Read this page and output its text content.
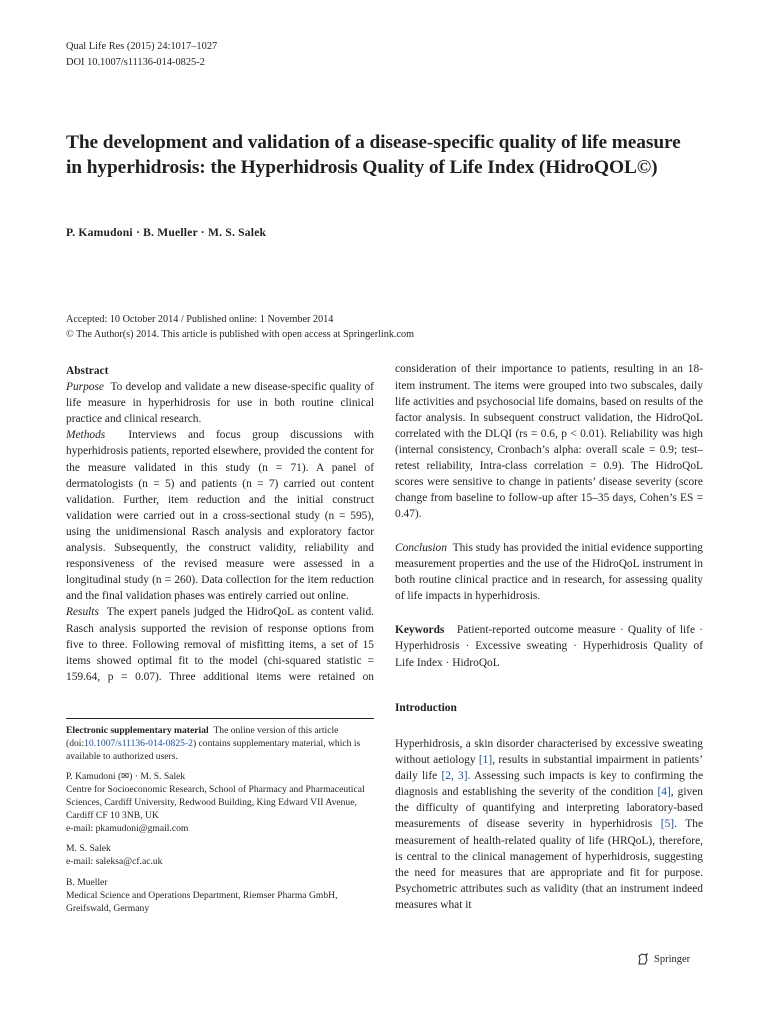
Qual Life Res (2015) 24:1017–1027
DOI 10.1007/s11136-014-0825-2
The development and validation of a disease-specific quality of life measure in hyperhidrosis: the Hyperhidrosis Quality of Life Index (HidroQOL©)
P. Kamudoni · B. Mueller · M. S. Salek
Accepted: 10 October 2014 / Published online: 1 November 2014
© The Author(s) 2014. This article is published with open access at Springerlink.com

Abstract

Purpose To develop and validate a new disease-specific quality of life measure in hyperhidrosis for use in both routine clinical practice and clinical research.

Methods Interviews and focus group discussions with hyperhidrosis patients, reported elsewhere, provided the content for the measure validated in this study (n = 71). A panel of dermatologists (n = 5) and patients (n = 7) carried out content validation. Further, item reduction and the initial construct validation were carried out in a cross-sectional study (n = 595), using the unidimensional Rasch analysis and exploratory factor analysis. Subsequently, the construct validity, reliability and responsiveness of the revised measure were assessed in a longitudinal study (n = 260). Data collection for the item reduction and the final validation phases was entirely carried out online.

Results The expert panels judged the HidroQoL as content valid. Rasch analysis supported the revision of response options from five to three. Following removal of misfitting items, a set of 15 items showed optimal fit to the model (chi-squared statistic = 159.64, p = 0.07). Three additional items were retained on

Electronic supplementary material The online version of this article (doi:10.1007/s11136-014-0825-2) contains supplementary material, which is available to authorized users.

P. Kamudoni (✉) · M. S. Salek
Centre for Socioeconomic Research, School of Pharmacy and Pharmaceutical Sciences, Cardiff University, Redwood Building, King Edward VII Avenue, Cardiff CF 10 3NB, UK
e-mail: pkamudoni@gmail.com

M. S. Salek
e-mail: saleksa@cf.ac.uk

B. Mueller
Medical Science and Operations Department, Riemser Pharma GmbH, Greifswald, Germany

consideration of their importance to patients, resulting in an 18-item instrument. The items were grouped into two subscales, daily life activities and psychosocial life domains, based on results of the factor analysis. In subsequent construct validation, the HidroQoL correlated with the DLQI (rs = 0.6, p < 0.01). Reliability was high (internal consistency, Cronbach’s alpha: overall scale = 0.9; test–retest reliability, Intra-class correlation = 0.9). The HidroQoL scores were sensitive to change in patients’ disease severity (score change from baseline to follow-up after 15–35 days, Cohen’s ES = 0.47).

Conclusion This study has provided the initial evidence supporting measurement properties and the use of the HidroQoL instrument in both routine clinical practice and in research, for assessing quality of life impacts in hyperhidrosis.

Keywords Patient-reported outcome measure · Quality of life · Hyperhidrosis · Excessive sweating · Hyperhidrosis Quality of Life Index · HidroQoL

Introduction

Hyperhidrosis, a skin disorder characterised by excessive sweating without aetiology [1], results in substantial impairment in patients’ daily life [2, 3]. Assessing such impacts is key to confirming the diagnosis and establishing the severity of the condition [4], given the difficulty of quantifying and interpreting laboratory-based measurements of disease severity in hyperhidrosis [5]. The measurement of health-related quality of life (HRQoL), therefore, is central to the clinical management of hyperhidrosis, suggesting the need for measures that are appropriate and fit for purpose. Psychometric attributes such as validity (that an instrument indeed measures what it

Springer
